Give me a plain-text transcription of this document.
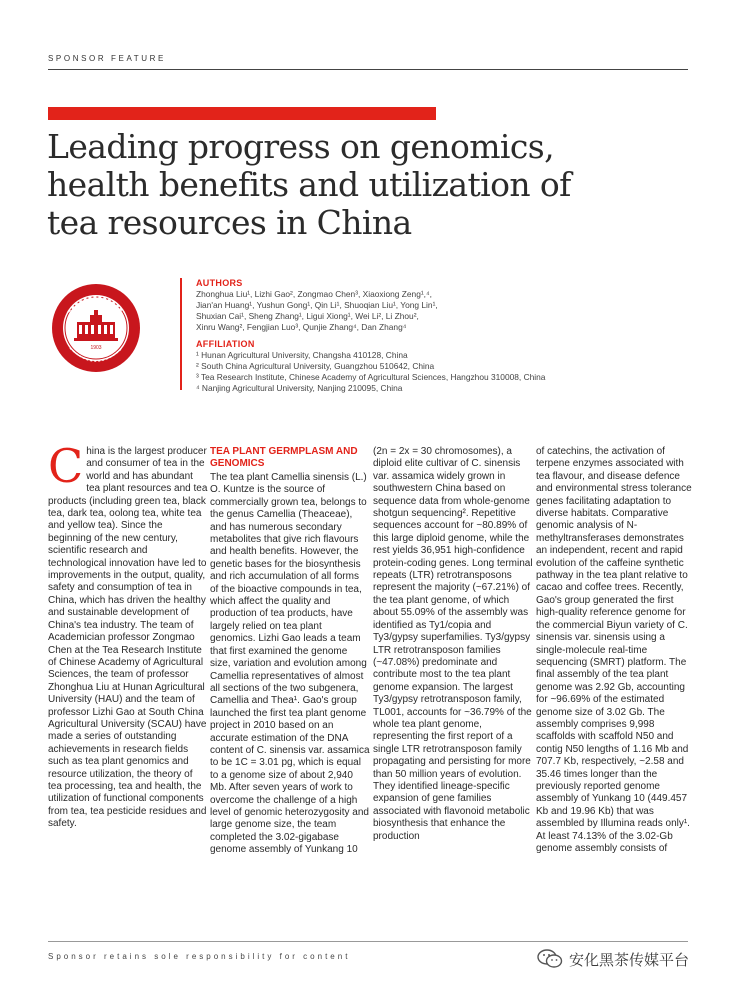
SPONSOR FEATURE
Leading progress on genomics,
health benefits and utilization of
tea resources in China
1903
AUTHORS
Zhonghua Liu¹, Lizhi Gao², Zongmao Chen³, Xiaoxiong Zeng¹,⁴,
Jian'an Huang¹, Yushun Gong¹, Qin Li¹, Shuoqian Liu¹, Yong Lin¹,
Shuxian Cai¹, Sheng Zhang¹, Ligui Xiong¹, Wei Li², Li Zhou²,
Xinru Wang², Fengjian Luo³, Qunjie Zhang⁴, Dan Zhang⁴
AFFILIATION
¹ Hunan Agricultural University, Changsha 410128, China
² South China Agricultural University, Guangzhou 510642, China
³ Tea Research Institute, Chinese Academy of Agricultural Sciences, Hangzhou 310008, China
⁴ Nanjing Agricultural University, Nanjing 210095, China
C hina is the largest producer and consumer of tea in the world and has abundant tea plant resources and tea products (including green tea, black tea, dark tea, oolong tea, white tea and yellow tea). Since the beginning of the new century, scientific research and technological innovation have led to improvements in the output, quality, safety and consumption of tea in China, which has driven the healthy and sustainable development of China's tea industry. The team of Academician professor Zongmao Chen at the Tea Research Institute of Chinese Academy of Agricultural Sciences, the team of professor Zhonghua Liu at Hunan Agricultural University (HAU) and the team of professor Lizhi Gao at South China Agricultural University (SCAU) have made a series of outstanding achievements in research fields such as tea plant genomics and resource utilization, the theory of tea processing, tea and health, the utilization of functional components from tea, tea pesticide residues and safety.

TEA PLANT GERMPLASM AND GENOMICS

The tea plant Camellia sinensis (L.) O. Kuntze is the source of commercially grown tea, belongs to the genus Camellia (Theaceae), and has numerous secondary metabolites that give rich flavours and health benefits. However, the genetic bases for the biosynthesis and rich accumulation of all forms of the bioactive compounds in tea, which affect the quality and production of tea products, have largely relied on tea plant genomics. Lizhi Gao leads a team that first examined the genome size, variation and evolution among Camellia representatives of almost all sections of the two subgenera, Camellia and Thea¹. Gao's group launched the first tea plant genome project in 2010 based on an accurate estimation of the DNA content of C. sinensis var. assamica to be 1C = 3.01 pg, which is equal to a genome size of about 2,940 Mb. After seven years of work to overcome the challenge of a high level of genomic heterozygosity and large genome size, the team completed the 3.02-gigabase genome assembly of Yunkang 10

(2n = 2x = 30 chromosomes), a diploid elite cultivar of C. sinensis var. assamica widely grown in southwestern China based on sequence data from whole-genome shotgun sequencing². Repetitive sequences account for ~80.89% of this large diploid genome, while the rest yields 36,951 high-confidence protein-coding genes. Long terminal repeats (LTR) retrotransposons represent the majority (~67.21%) of the tea plant genome, of which about 55.09% of the assembly was identified as Ty1/copia and Ty3/gypsy superfamilies. Ty3/gypsy LTR retrotransposon families (~47.08%) predominate and contribute most to the tea plant genome expansion. The largest Ty3/gypsy retrotransposon family, TL001, accounts for ~36.79% of the whole tea plant genome, representing the first report of a single LTR retrotransposon family propagating and persisting for more than 50 million years of evolution. They identified lineage-specific expansion of gene families associated with flavonoid metabolic biosynthesis that enhance the production

of catechins, the activation of terpene enzymes associated with tea flavour, and disease defence and environmental stress tolerance genes facilitating adaptation to diverse habitats. Comparative genomic analysis of N-methyltransferases demonstrates an independent, recent and rapid evolution of the caffeine synthetic pathway in the tea plant relative to cacao and coffee trees. Recently, Gao's group generated the first high-quality reference genome for the commercial Biyun variety of C. sinensis var. sinensis using a single-molecule real-time sequencing (SMRT) platform. The final assembly of the tea plant genome was 2.92 Gb, accounting for ~96.69% of the estimated genome size of 3.02 Gb. The assembly comprises 9,998 scaffolds with scaffold N50 and contig N50 lengths of 1.16 Mb and 707.7 Kb, respectively, ~2.58 and 35.46 times longer than the previously reported genome assembly of Yunkang 10 (449.457 Kb and 19.96 Kb) that was assembled by Illumina reads only¹. At least 74.13% of the 3.02-Gb genome assembly consists of

Sponsor retains sole responsibility for content	安化黑茶传媒平台
